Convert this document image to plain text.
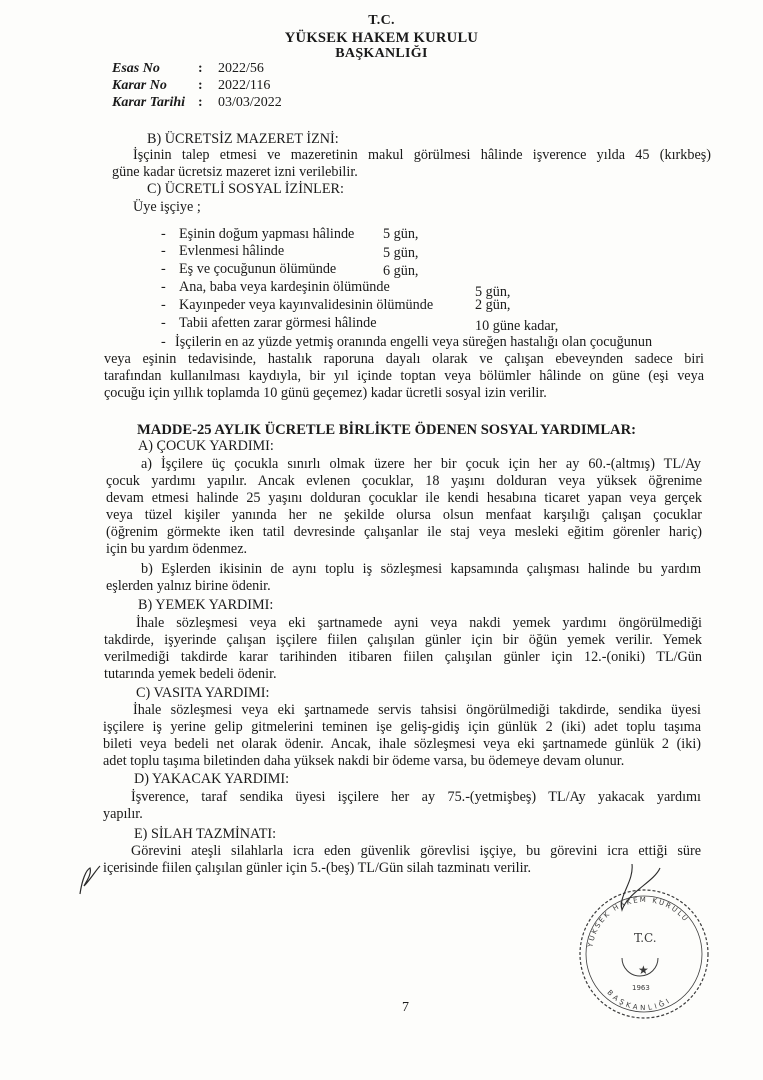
T.C.
YÜKSEK HAKEM KURULU
BAŞKANLIĞI
Esas No	:	2022/56
Karar No	:	2022/116
Karar Tarihi :	03/03/2022
B) ÜCRETSİZ MAZERET İZNİ:
İşçinin talep etmesi ve mazeretinin makul görülmesi hâlinde işverence yılda 45 (kırkbeş)
güne kadar ücretsiz mazeret izni verilebilir.
C) ÜCRETLİ SOSYAL İZİNLER:
Üye işçiye ;
- Eşinin doğum yapması hâlinde 5 gün,
- Evlenmesi hâlinde	5 gün,
- Eş ve çocuğunun ölümünde	6 gün,
- Ana, baba veya kardeşinin ölümünde	5 gün,
- Kayınpeder veya kayınvalidesinin ölümünde	2 gün,
- Tabii afetten zarar görmesi hâlinde	10 güne kadar,
- İşçilerin en az yüzde yetmiş oranında engelli veya süreğen hastalığı olan çocuğunun
veya eşinin tedavisinde, hastalık raporuna dayalı olarak ve çalışan ebeveynden sadece biri
tarafından kullanılması kaydıyla, bir yıl içinde toptan veya bölümler hâlinde on güne (eşi veya
çocuğu için yıllık toplamda 10 günü geçemez) kadar ücretli sosyal izin verilir.
MADDE-25 AYLIK ÜCRETLE BİRLİKTE ÖDENEN SOSYAL YARDIMLAR:
A) ÇOCUK YARDIMI:
a) İşçilere üç çocukla sınırlı olmak üzere her bir çocuk için her ay 60.-(altmış) TL/Ay
çocuk yardımı yapılır. Ancak evlenen çocuklar, 18 yaşını dolduran veya yüksek öğrenime
devam etmesi halinde 25 yaşını dolduran çocuklar ile kendi hesabına ticaret yapan veya gerçek
veya tüzel kişiler yanında her ne şekilde olursa olsun menfaat karşılığı çalışan çocuklar
(öğrenim görmekte iken tatil devresinde çalışanlar ile staj veya mesleki eğitim görenler hariç)
için bu yardım ödenmez.
b) Eşlerden ikisinin de aynı toplu iş sözleşmesi kapsamında çalışması halinde bu yardım
eşlerden yalnız birine ödenir.
B) YEMEK YARDIMI:
İhale sözleşmesi veya eki şartnamede ayni veya nakdi yemek yardımı öngörülmediği
takdirde, işyerinde çalışan işçilere fiilen çalışılan günler için bir öğün yemek verilir. Yemek
verilmediği takdirde karar tarihinden itibaren fiilen çalışılan günler için 12.-(oniki) TL/Gün
tutarında yemek bedeli ödenir.
C) VASITA YARDIMI:
İhale sözleşmesi veya eki şartnamede servis tahsisi öngörülmediği takdirde, sendika üyesi
işçilere iş yerine gelip gitmelerini teminen işe geliş-gidiş için günlük 2 (iki) adet toplu taşıma
bileti veya bedeli net olarak ödenir. Ancak, ihale sözleşmesi veya eki şartnamede günlük 2 (iki)
adet toplu taşıma biletinden daha yüksek nakdi bir ödeme varsa, bu ödemeye devam olunur.
D) YAKACAK YARDIMI:
İşverence, taraf sendika üyesi işçilere her ay 75.-(yetmişbeş) TL/Ay yakacak yardımı
yapılır.
E) SİLAH TAZMİNATI:
Görevini ateşli silahlarla icra eden güvenlik görevlisi işçiye, bu görevini icra ettiği süre
içerisinde fiilen çalışılan günler için 5.-(beş) TL/Gün silah tazminatı verilir.
7
YÜKSEK HAKEM KURULU
BAŞKANLIĞI
T.C.
★
1963
